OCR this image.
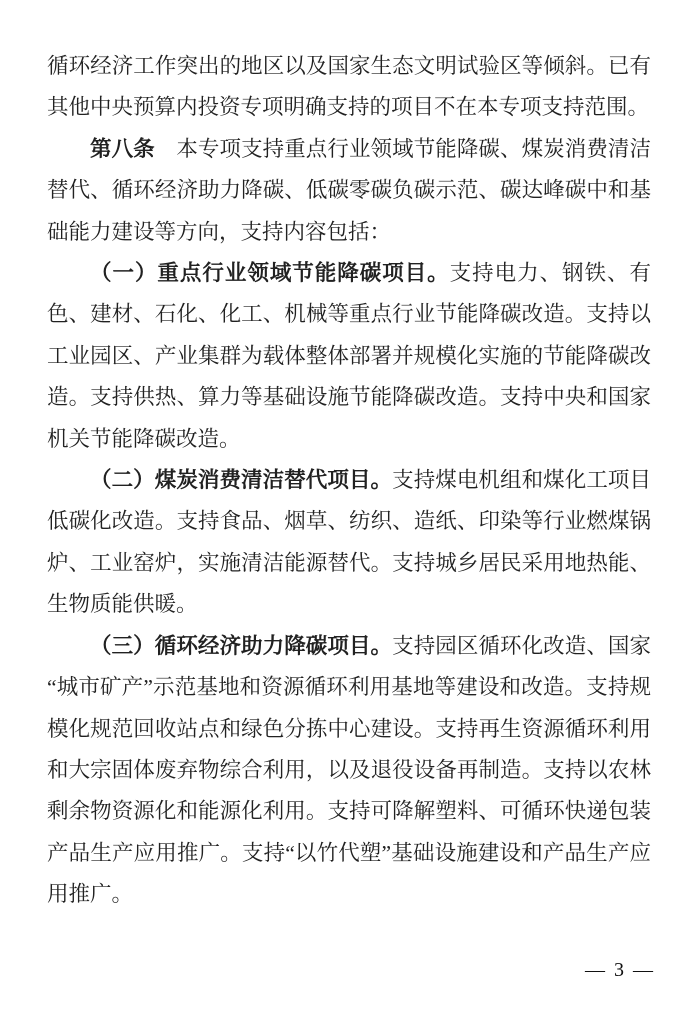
循环经济工作突出的地区以及国家生态文明试验区等倾斜。已有其他中央预算内投资专项明确支持的项目不在本专项支持范围。

第八条　本专项支持重点行业领域节能降碳、煤炭消费清洁替代、循环经济助力降碳、低碳零碳负碳示范、碳达峰碳中和基础能力建设等方向，支持内容包括：

（一）重点行业领域节能降碳项目。支持电力、钢铁、有色、建材、石化、化工、机械等重点行业节能降碳改造。支持以工业园区、产业集群为载体整体部署并规模化实施的节能降碳改造。支持供热、算力等基础设施节能降碳改造。支持中央和国家机关节能降碳改造。

（二）煤炭消费清洁替代项目。支持煤电机组和煤化工项目低碳化改造。支持食品、烟草、纺织、造纸、印染等行业燃煤锅炉、工业窑炉，实施清洁能源替代。支持城乡居民采用地热能、生物质能供暖。

（三）循环经济助力降碳项目。支持园区循环化改造、国家“城市矿产”示范基地和资源循环利用基地等建设和改造。支持规模化规范回收站点和绿色分拣中心建设。支持再生资源循环利用和大宗固体废弃物综合利用，以及退役设备再制造。支持以农林剩余物资源化和能源化利用。支持可降解塑料、可循环快递包装产品生产应用推广。支持“以竹代塑”基础设施建设和产品生产应用推广。

— 3 —
